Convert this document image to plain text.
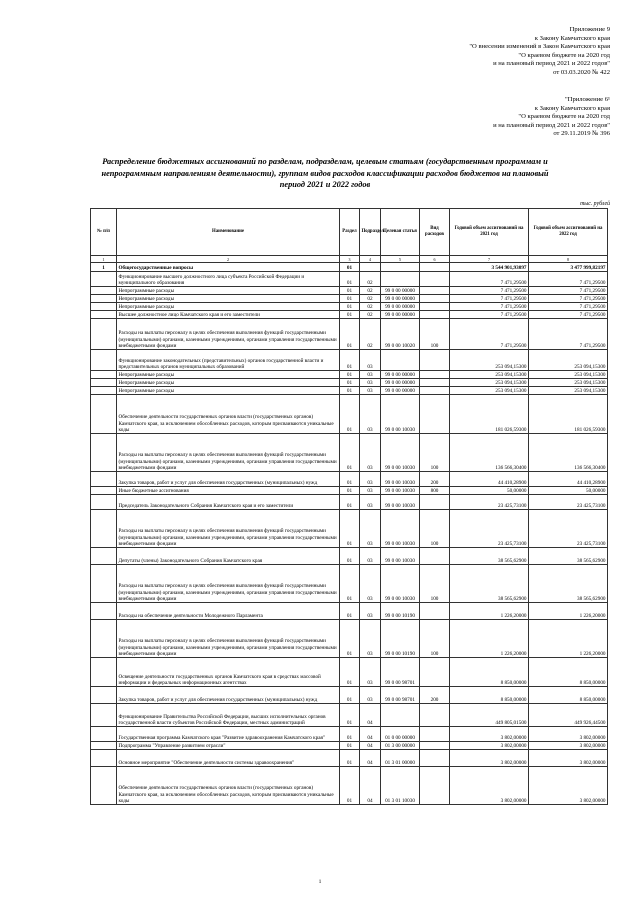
Приложение 9
к Закону Камчатского края
"О внесении изменений в Закон Камчатского края
"О краевом бюджете на 2020 год
и на плановый период 2021 и 2022 годов"
от 03.03.2020 № 422
"Приложение 6¹
к Закону Камчатского края
"О краевом бюджете на 2020 год
и на плановый период 2021 и 2022 годов"
от 29.11.2019 № 396
Распределение бюджетных ассигнований по разделам, подразделам, целевым статьям (государственным программам и непрограммным направлениям деятельности), группам видов расходов классификации расходов бюджетов на плановый период 2021 и 2022 годов
тыс. рублей
№ п/п	Наименование	Раздел	Подраздел	Целевая статья	Вид расходов	Годовой объем ассигнований на 2021 год	Годовой объем ассигнований на 2022 год
1	2	3	4	5	6	7	8
1	Общегосударственные вопросы	01				3 544 901,93097	3 477 999,82197
	Функционирование высшего должностного лица субъекта Российской Федерации и муниципального образования	01	02			7 471,29500	7 471,29500
	Непрограммные расходы	01	02	99 0 00 00000		7 471,29500	7 471,29500
	Непрограммные расходы	01	02	99 0 00 00000		7 471,29500	7 471,29500
	Непрограммные расходы	01	02	99 0 00 00000		7 471,29500	7 471,29500
	Высшее должностное лицо Камчатского края и его заместители	01	02	99 0 00 00000		7 471,29500	7 471,29500
	Расходы на выплаты персоналу в целях обеспечения выполнения функций государственными (муниципальными) органами, казенными учреждениями, органами управления государственными внебюджетными фондами	01	02	99 0 00 10020	100	7 471,29500	7 471,29500
	Функционирование законодательных (представительных) органов государственной власти и представительных органов муниципальных образований	01	03			253 094,15300	253 094,15300
	Непрограммные расходы	01	03	99 0 00 00000		253 094,15300	253 094,15300
	Непрограммные расходы	01	03	99 0 00 00000		253 094,15300	253 094,15300
	Непрограммные расходы	01	03	99 0 00 00000		253 094,15300	253 094,15300
	Обеспечение деятельности государственных органов власти (государственных органов) Камчатского края, за исключением обособленных расходов, которым присваиваются уникальные коды	01	03	99 0 00 10030		181 026,59300	181 026,59300
	Расходы на выплаты персоналу в целях обеспечения выполнения функций государственными (муниципальными) органами, казенными учреждениями, органами управления государственными внебюджетными фондами	01	03	99 0 00 10030	100	136 566,30400	136 566,30400
	Закупка товаров, работ и услуг для обеспечения государственных (муниципальных) нужд	01	03	99 0 00 10030	200	44 410,28900	44 410,28900
	Иные бюджетные ассигнования	01	03	99 0 00 10030	800	50,00000	50,00000
	Председатель Законодательного Собрания Камчатского края и его заместители	01	03	99 0 00 10030		23 425,73100	23 425,73100
	Расходы на выплаты персоналу в целях обеспечения выполнения функций государственными (муниципальными) органами, казенными учреждениями, органами управления государственными внебюджетными фондами	01	03	99 0 00 10030	100	23 425,73100	23 425,73100
	Депутаты (члены) Законодательного Собрания Камчатского края	01	03	99 0 00 10030		38 565,62900	38 565,62900
	Расходы на выплаты персоналу в целях обеспечения выполнения функций государственными (муниципальными) органами, казенными учреждениями, органами управления государственными внебюджетными фондами	01	03	99 0 00 10030	100	38 565,62900	38 565,62900
	Расходы на обеспечение деятельности Молодежного Парламента	01	03	99 0 00 10190		1 226,20000	1 226,20000
	Расходы на выплаты персоналу в целях обеспечения выполнения функций государственными (муниципальными) органами, казенными учреждениями, органами управления государственными внебюджетными фондами	01	03	99 0 00 10190	100	1 226,20000	1 226,20000
	Освещение деятельности государственных органов Камчатского края в средствах массовой информации и федеральных информационных агентствах	01	03	99 0 00 98701		8 850,00000	8 850,00000
	Закупка товаров, работ и услуг для обеспечения государственных (муниципальных) нужд	01	03	99 0 00 98701	200	8 850,00000	8 850,00000
	Функционирование Правительства Российской Федерации, высших исполнительных органов государственной власти субъектов Российской Федерации, местных администраций	01	04			449 805,01500	449 926,44500
	Государственная программа Камчатского края "Развитие здравоохранения Камчатского края"	01	04	01 0 00 00000		3 802,00000	3 802,00000
	Подпрограмма "Управление развитием отрасли"	01	04	01 3 00 00000		3 802,00000	3 802,00000
	Основное мероприятие "Обеспечение деятельности системы здравоохранения"	01	04	01 3 01 00000		3 802,00000	3 802,00000
	Обеспечение деятельности государственных органов власти (государственных органов) Камчатского края, за исключением обособленных расходов, которым присваиваются уникальные коды	01	04	01 3 01 10030		3 802,00000	3 802,00000
1
